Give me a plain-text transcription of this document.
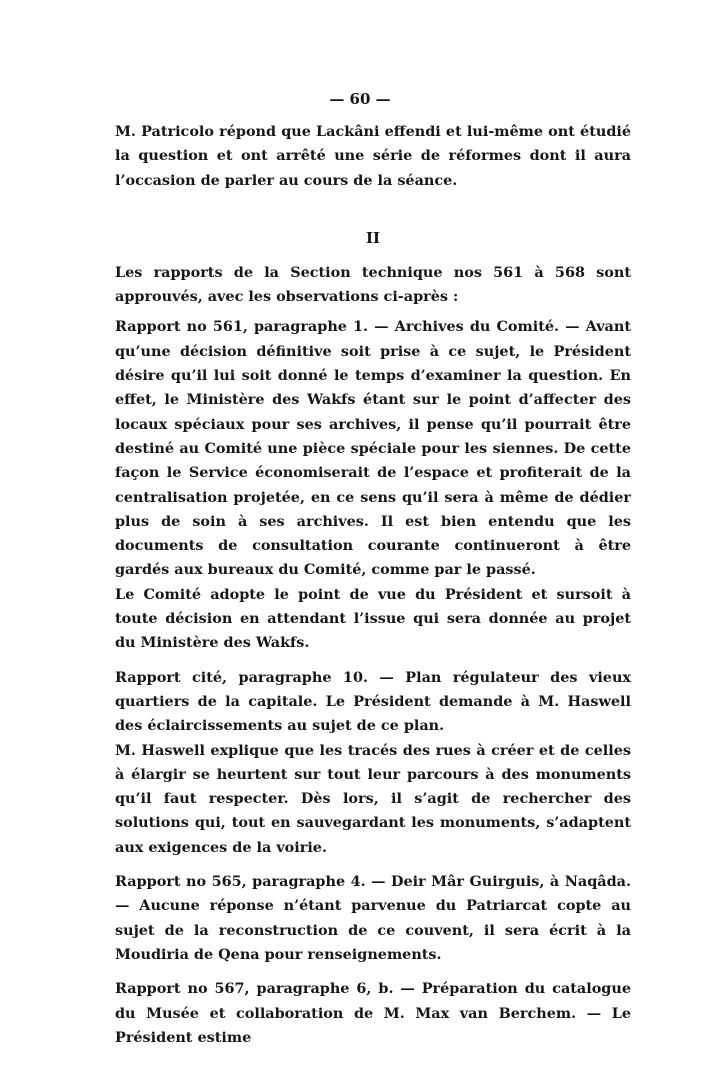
— 60 —

M. Patricolo répond que Lackâni effendi et lui-même ont étudié la question et ont arrêté une série de réformes dont il aura l’occasion de parler au cours de la séance.

II

Les rapports de la Section technique nos 561 à 568 sont approuvés, avec les observations ci-après :

Rapport no 561, paragraphe 1. — Archives du Comité. — Avant qu’une décision définitive soit prise à ce sujet, le Président désire qu’il lui soit donné le temps d’examiner la question. En effet, le Ministère des Wakfs étant sur le point d’affecter des locaux spéciaux pour ses archives, il pense qu’il pourrait être destiné au Comité une pièce spéciale pour les siennes. De cette façon le Service économiserait de l’espace et profiterait de la centralisation projetée, en ce sens qu’il sera à même de dédier plus de soin à ses archives. Il est bien entendu que les documents de consultation courante continueront à être gardés aux bureaux du Comité, comme par le passé.

Le Comité adopte le point de vue du Président et sursoit à toute décision en attendant l’issue qui sera donnée au projet du Ministère des Wakfs.

Rapport cité, paragraphe 10. — Plan régulateur des vieux quartiers de la capitale. Le Président demande à M. Haswell des éclaircissements au sujet de ce plan.

M. Haswell explique que les tracés des rues à créer et de celles à élargir se heurtent sur tout leur parcours à des monuments qu’il faut respecter. Dès lors, il s’agit de rechercher des solutions qui, tout en sauvegardant les monuments, s’adaptent aux exigences de la voirie.

Rapport no 565, paragraphe 4. — Deir Mâr Guirguis, à Naqâda. — Aucune réponse n’étant parvenue du Patriarcat copte au sujet de la reconstruction de ce couvent, il sera écrit à la Moudiria de Qena pour renseignements.

Rapport no 567, paragraphe 6, b. — Préparation du catalogue du Musée et collaboration de M. Max van Berchem. — Le Président estime
